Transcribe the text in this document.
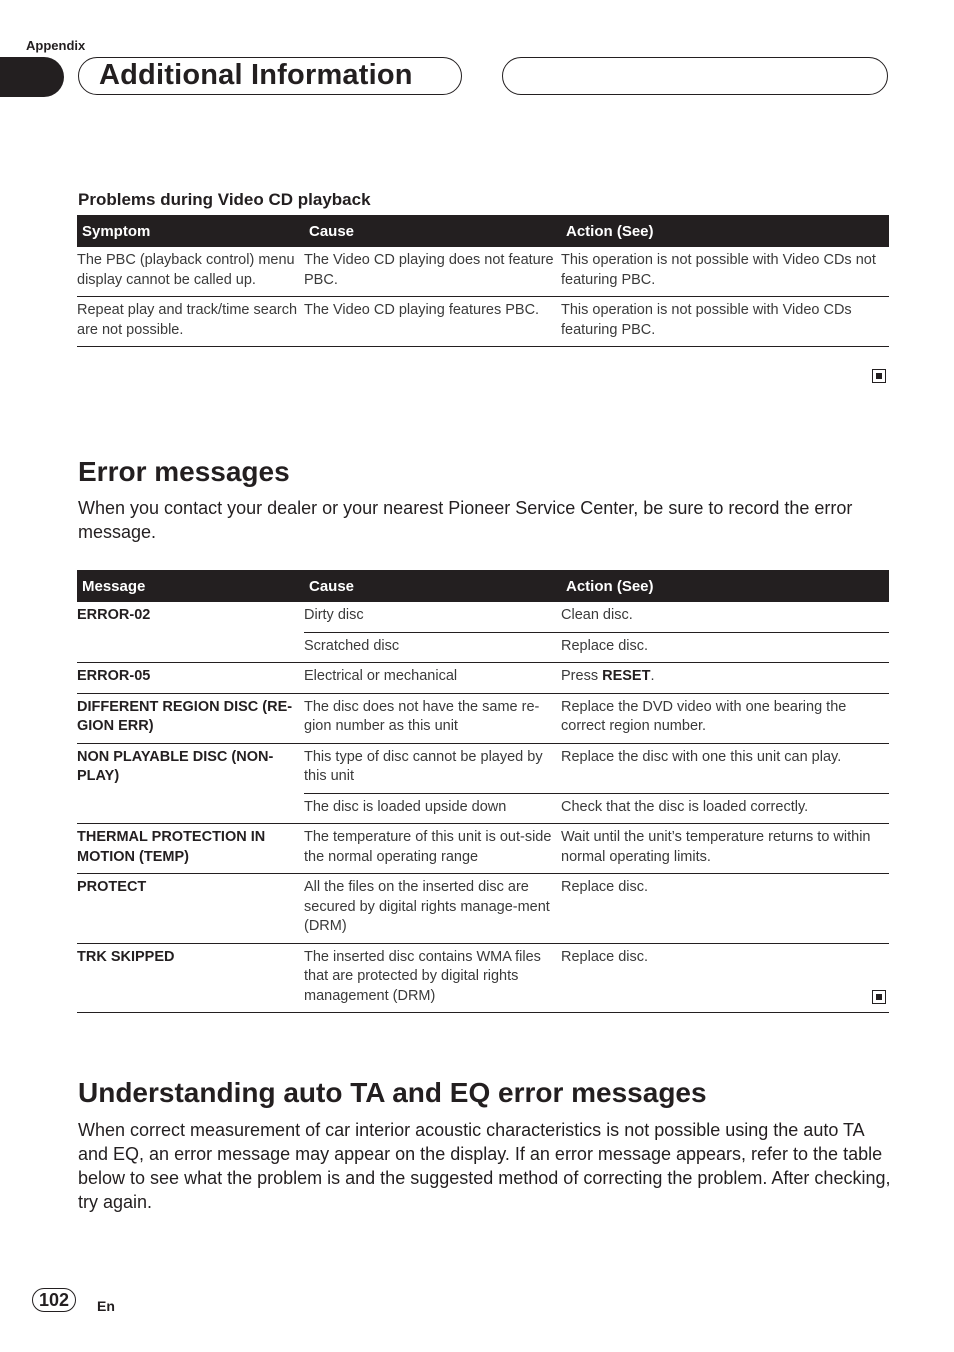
Appendix
Additional Information
Problems during Video CD playback
Symptom	Cause	Action (See)
The PBC (playback control) menu display cannot be called up.	The Video CD playing does not feature PBC.	This operation is not possible with Video CDs not featuring PBC.
Repeat play and track/time search are not possible.	The Video CD playing features PBC.	This operation is not possible with Video CDs featuring PBC.
Error messages
When you contact your dealer or your nearest Pioneer Service Center, be sure to record the error message.
Message	Cause	Action (See)
ERROR-02	Dirty disc	Clean disc.
	Scratched disc	Replace disc.
ERROR-05	Electrical or mechanical	Press RESET.
DIFFERENT REGION DISC (RE-GION ERR)	The disc does not have the same re-gion number as this unit	Replace the DVD video with one bearing the correct region number.
NON PLAYABLE DISC (NON-PLAY)	This type of disc cannot be played by this unit	Replace the disc with one this unit can play.
	The disc is loaded upside down	Check that the disc is loaded correctly.
THERMAL PROTECTION IN MOTION (TEMP)	The temperature of this unit is out-side the normal operating range	Wait until the unit’s temperature returns to within normal operating limits.
PROTECT	All the files on the inserted disc are secured by digital rights manage-ment (DRM)	Replace disc.
TRK SKIPPED	The inserted disc contains WMA files that are protected by digital rights management (DRM)	Replace disc.
Understanding auto TA and EQ error messages
When correct measurement of car interior acoustic characteristics is not possible using the auto TA and EQ, an error message may appear on the display. If an error message appears, refer to the table below to see what the problem is and the suggested method of correcting the problem. After checking, try again.
102	En
